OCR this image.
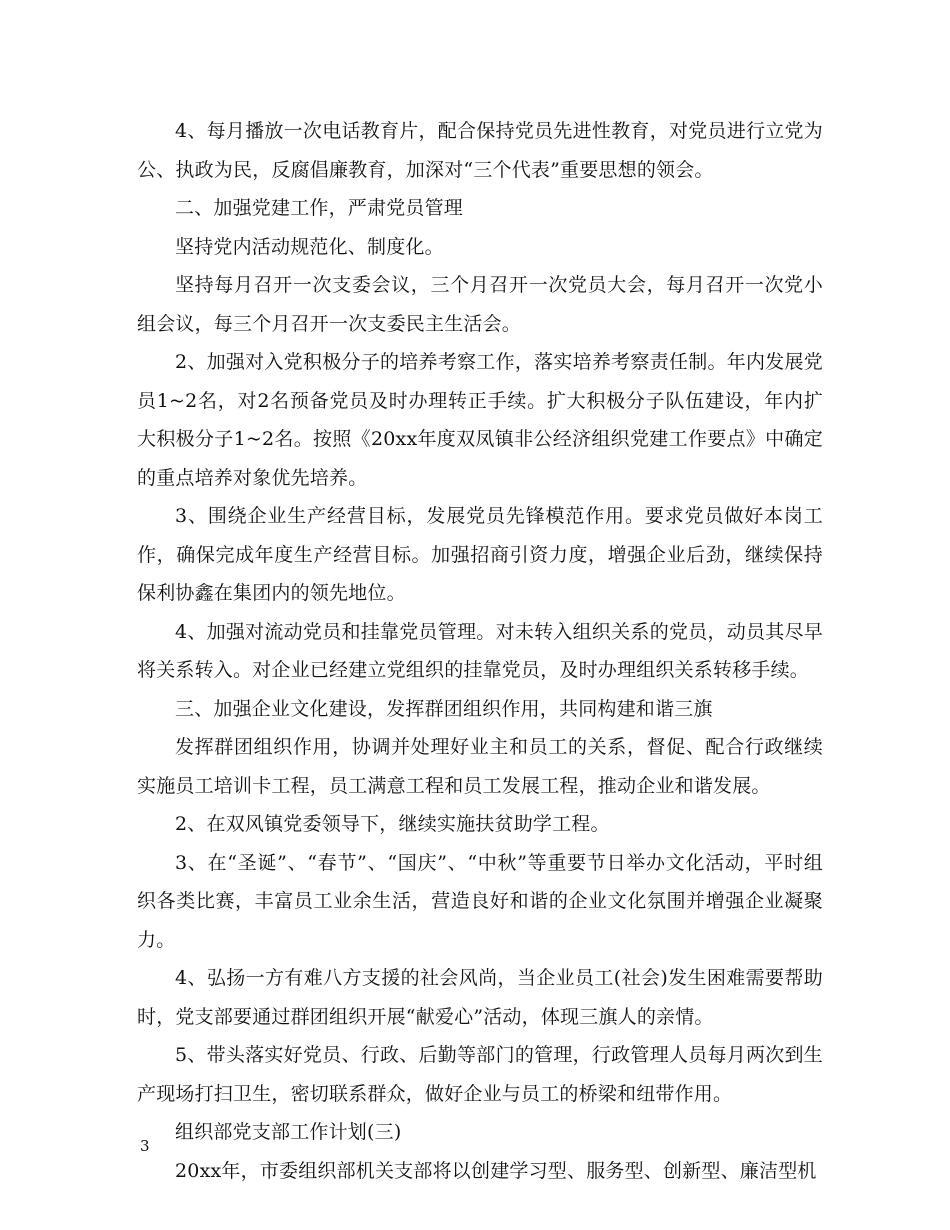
4、每月播放一次电话教育片，配合保持党员先进性教育，对党员进行立党为公、执政为民，反腐倡廉教育，加深对“三个代表”重要思想的领会。

二、加强党建工作，严肃党员管理

坚持党内活动规范化、制度化。

坚持每月召开一次支委会议，三个月召开一次党员大会，每月召开一次党小组会议，每三个月召开一次支委民主生活会。

2、加强对入党积极分子的培养考察工作，落实培养考察责任制。年内发展党员1~2名，对2名预备党员及时办理转正手续。扩大积极分子队伍建设，年内扩大积极分子1~2名。按照《20xx年度双凤镇非公经济组织党建工作要点》中确定的重点培养对象优先培养。

3、围绕企业生产经营目标，发展党员先锋模范作用。要求党员做好本岗工作，确保完成年度生产经营目标。加强招商引资力度，增强企业后劲，继续保持保利协鑫在集团内的领先地位。

4、加强对流动党员和挂靠党员管理。对未转入组织关系的党员，动员其尽早将关系转入。对企业已经建立党组织的挂靠党员，及时办理组织关系转移手续。

三、加强企业文化建设，发挥群团组织作用，共同构建和谐三旗

发挥群团组织作用，协调并处理好业主和员工的关系，督促、配合行政继续实施员工培训卡工程，员工满意工程和员工发展工程，推动企业和谐发展。

2、在双风镇党委领导下，继续实施扶贫助学工程。

3、在“圣诞”、“春节”、“国庆”、“中秋”等重要节日举办文化活动，平时组织各类比赛，丰富员工业余生活，营造良好和谐的企业文化氛围并增强企业凝聚力。

4、弘扬一方有难八方支援的社会风尚，当企业员工(社会)发生困难需要帮助时，党支部要通过群团组织开展“献爱心”活动，体现三旗人的亲情。

5、带头落实好党员、行政、后勤等部门的管理，行政管理人员每月两次到生产现场打扫卫生，密切联系群众，做好企业与员工的桥梁和纽带作用。

组织部党支部工作计划(三)

20xx年，市委组织部机关支部将以创建学习型、服务型、创新型、廉洁型机

3
